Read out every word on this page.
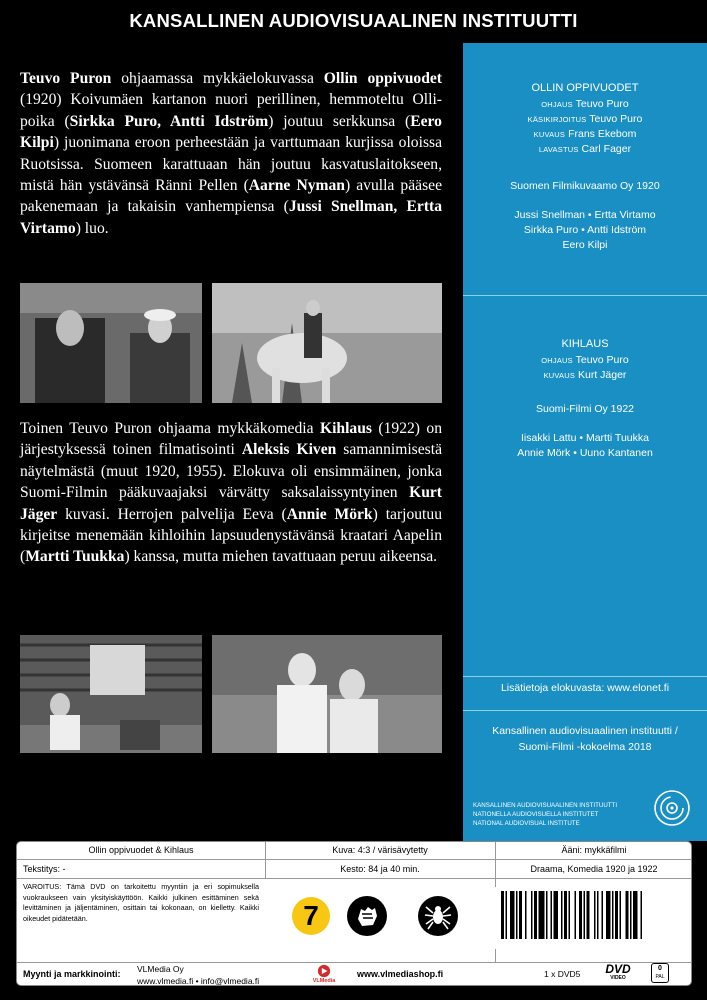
KANSALLINEN AUDIOVISUAALINEN INSTITUUTTI
Teuvo Puron ohjaamassa mykkäelokuvassa Ollin oppivuodet (1920) Koivumäen kartanon nuori perillinen, hemmoteltu Olli-poika (Sirkka Puro, Antti Idström) joutuu serkkunsa (Eero Kilpi) juonimana eroon perheestään ja varttumaan kurjissa oloissa Ruotsissa. Suomeen karattuaan hän joutuu kasvatuslaitokseen, mistä hän ystävänsä Ränni Pellen (Aarne Nyman) avulla pääsee pakenemaan ja takaisin vanhempiensa (Jussi Snellman, Ertta Virtamo) luo.
Toinen Teuvo Puron ohjaama mykkäkomedia Kihlaus (1922) on järjestyksessä toinen filmatisointi Aleksis Kiven samannimisestä näytelmästä (muut 1920, 1955). Elokuva oli ensimmäinen, jonka Suomi-Filmin pääkuvaajaksi värvätty saksalaissyntyinen Kurt Jäger kuvasi. Herrojen palvelija Eeva (Annie Mörk) tarjoutuu kirjeitse menemään kihloihin lapsuudenystävänsä kraatari Aapelin (Martti Tuukka) kanssa, mutta miehen tavattuaan peruu aikeensa.
OLLIN OPPIVUODET
OHJAUS Teuvo Puro
KÄSIKIRJOITUS Teuvo Puro
KUVAUS Frans Ekebom
LAVASTUS Carl Fager
Suomen Filmikuvaamo Oy 1920
Jussi Snellman • Ertta Virtamo
Sirkka Puro • Antti Idström
Eero Kilpi
KIHLAUS
OHJAUS Teuvo Puro
KUVAUS Kurt Jäger
Suomi-Filmi Oy 1922
Iisakki Lattu • Martti Tuukka
Annie Mörk • Uuno Kantanen
Lisätietoja elokuvasta: www.elonet.fi
Kansallinen audiovisuaalinen instituutti /
Suomi-Filmi -kokoelma 2018
KANSALLINEN AUDIOVISUAALINEN INSTITUUTTI
NATIONELLA AUDIOVISUELLA INSTITUTET
NATIONAL AUDIOVISUAL INSTITUTE
Ollin oppivuodet & Kihlaus	Kuva: 4:3 / värisävytetty	Ääni: mykkäfilmi
Tekstitys: -	Kesto: 84 ja 40 min.	Draama, Komedia 1920 ja 1922
VAROITUS: Tämä DVD on tarkoitettu myyntiin ja eri sopimuksella vuokraukseen vain yksityiskäyttöön. Kaikki julkinen esittäminen sekä levittäminen ja jäljentäminen, osittain tai kokonaan, on kielletty. Kaikki oikeudet pidätetään.
Myynti ja markkinointi: VLMedia Oy
www.vlmedia.fi • info@vlmedia.fi	VLMedia
www.vlmediashop.fi	1 x DVD5	DVD
VIDEO
0
PAL
7
